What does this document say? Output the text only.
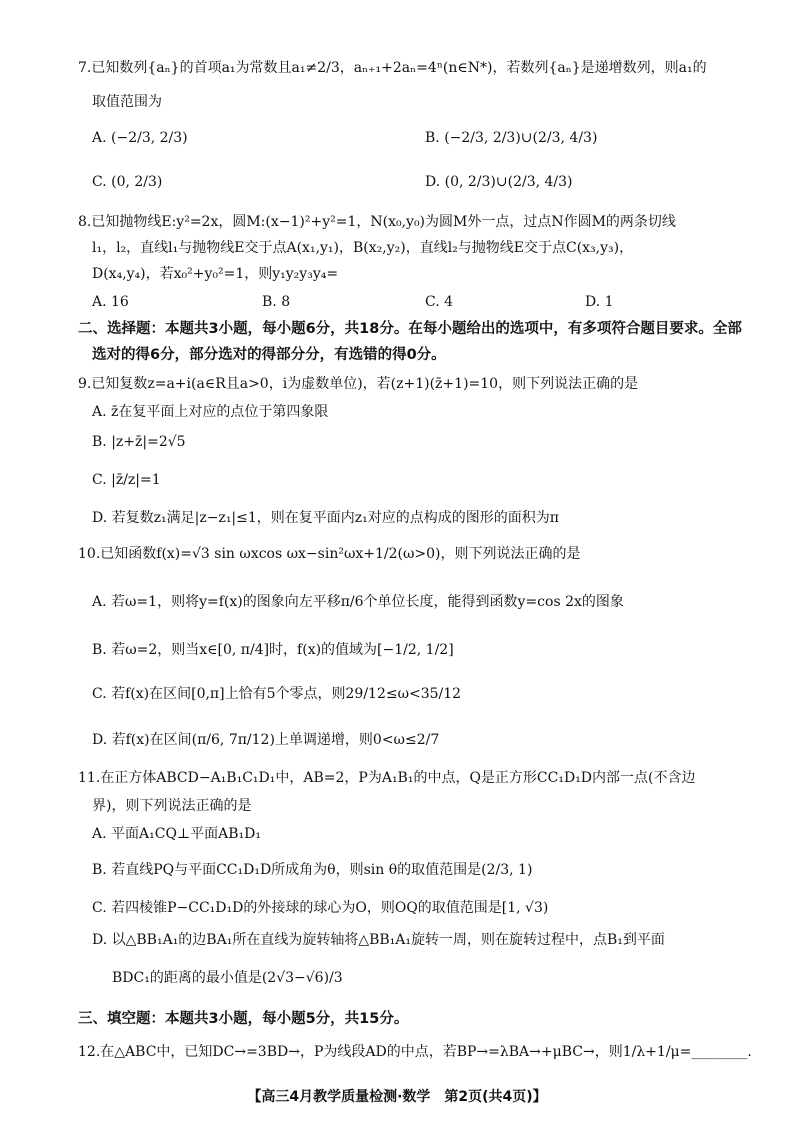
7.已知数列{aₙ}的首项a₁为常数且a₁≠2/3，aₙ₊₁+2aₙ=4ⁿ(n∈N*)，若数列{aₙ}是递增数列，则a₁的
取值范围为
A. (−2/3, 2/3)	B. (−2/3, 2/3)∪(2/3, 4/3)
C. (0, 2/3)	D. (0, 2/3)∪(2/3, 4/3)
8.已知抛物线E:y²=2x，圆M:(x−1)²+y²=1，N(x₀,y₀)为圆M外一点，过点N作圆M的两条切线
l₁，l₂，直线l₁与抛物线E交于点A(x₁,y₁)，B(x₂,y₂)，直线l₂与抛物线E交于点C(x₃,y₃)，
D(x₄,y₄)，若x₀²+y₀²=1，则y₁y₂y₃y₄=
A. 16	B. 8	C. 4	D. 1
二、选择题：本题共3小题，每小题6分，共18分。在每小题给出的选项中，有多项符合题目要求。全部
选对的得6分，部分选对的得部分分，有选错的得0分。
9.已知复数z=a+i(a∈R且a>0，i为虚数单位)，若(z+1)(z̄+1)=10，则下列说法正确的是
A. z̄在复平面上对应的点位于第四象限
B. |z+z̄|=2√5
C. |z̄/z|=1
D. 若复数z₁满足|z−z₁|≤1，则在复平面内z₁对应的点构成的图形的面积为π
10.已知函数f(x)=√3 sin ωxcos ωx−sin²ωx+1/2(ω>0)，则下列说法正确的是
A. 若ω=1，则将y=f(x)的图象向左平移π/6个单位长度，能得到函数y=cos 2x的图象
B. 若ω=2，则当x∈[0, π/4]时，f(x)的值域为[−1/2, 1/2]
C. 若f(x)在区间[0,π]上恰有5个零点，则29/12≤ω<35/12
D. 若f(x)在区间(π/6, 7π/12)上单调递增，则0<ω≤2/7
11.在正方体ABCD−A₁B₁C₁D₁中，AB=2，P为A₁B₁的中点，Q是正方形CC₁D₁D内部一点(不含边
界)，则下列说法正确的是
A. 平面A₁CQ⊥平面AB₁D₁
B. 若直线PQ与平面CC₁D₁D所成角为θ，则sin θ的取值范围是(2/3, 1)
C. 若四棱锥P−CC₁D₁D的外接球的球心为O，则OQ的取值范围是[1, √3)
D. 以△BB₁A₁的边BA₁所在直线为旋转轴将△BB₁A₁旋转一周，则在旋转过程中，点B₁到平面
BDC₁的距离的最小值是(2√3−√6)/3
三、填空题：本题共3小题，每小题5分，共15分。
12.在△ABC中，已知DC→=3BD→，P为线段AD的中点，若BP→=λBA→+μBC→，则1/λ+1/μ=________.
【高三4月教学质量检测·数学　第2页(共4页)】
